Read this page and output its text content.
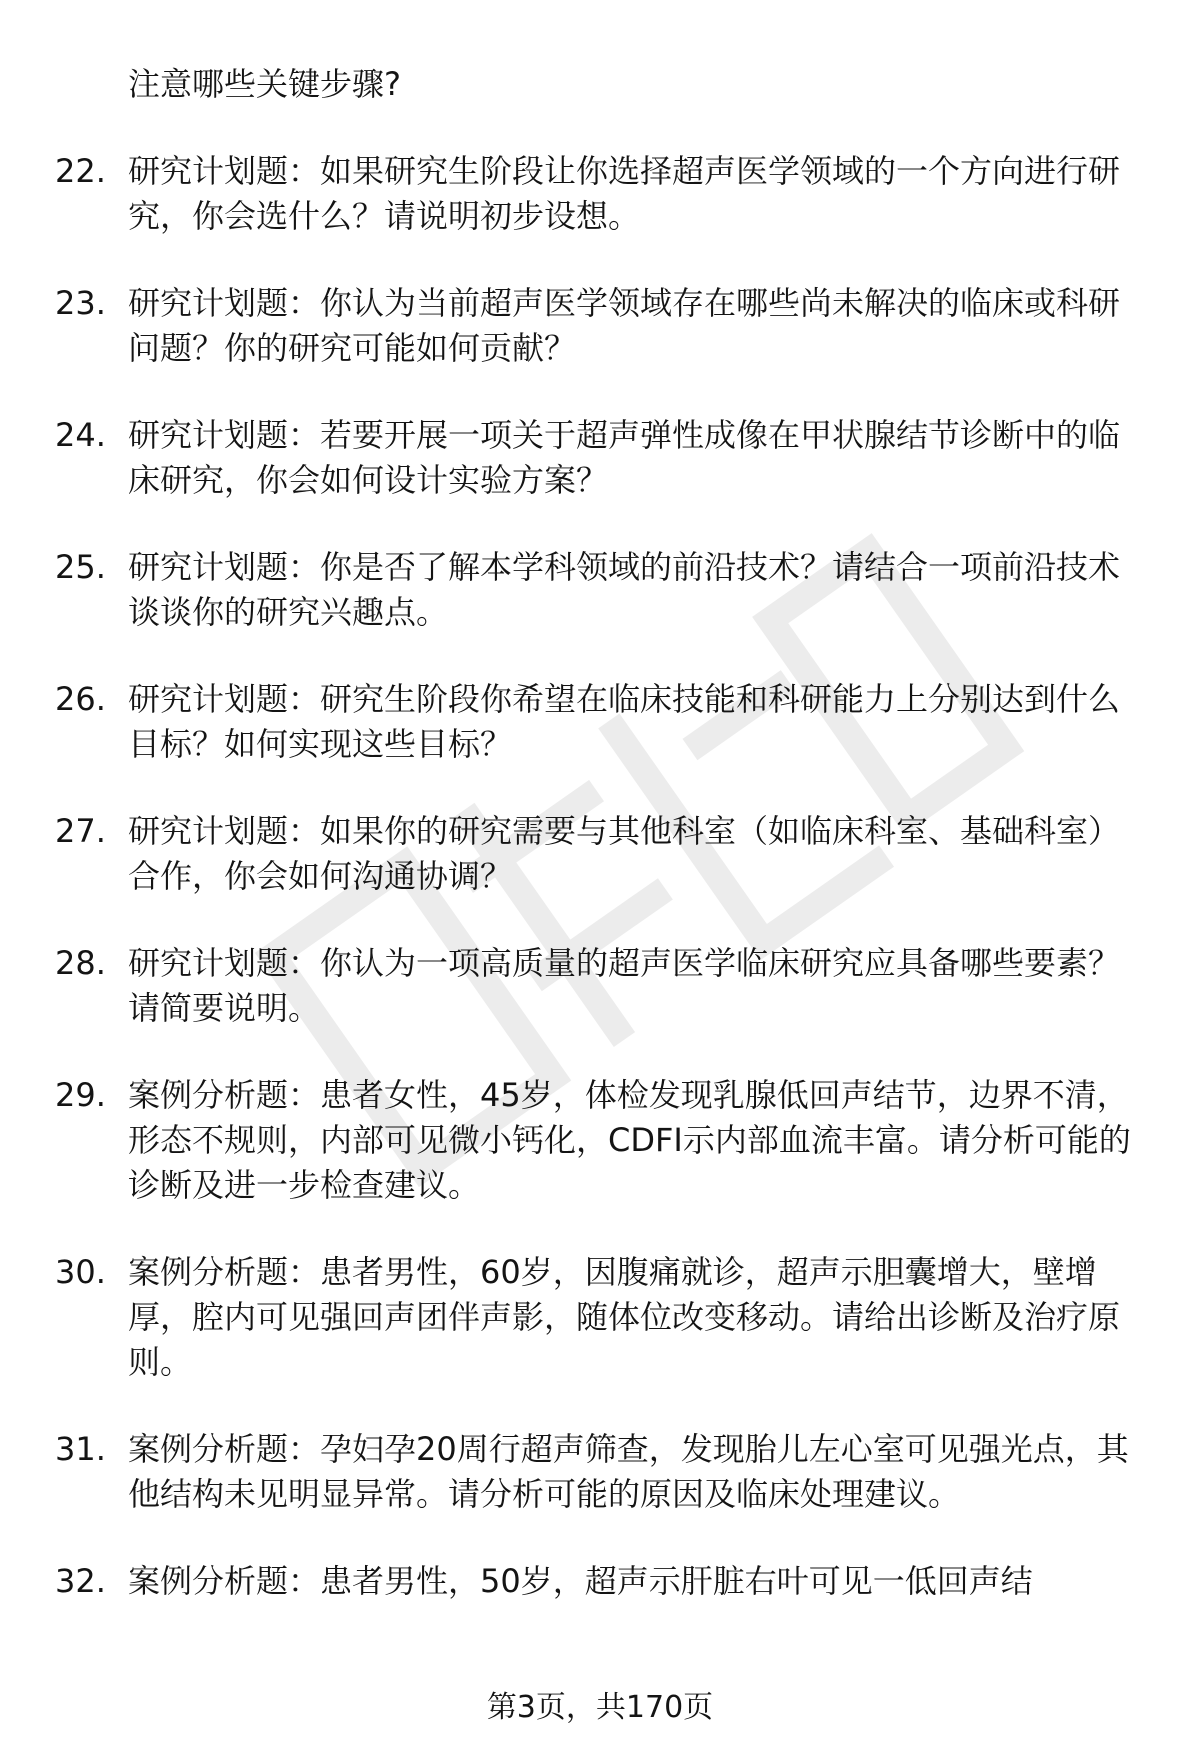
注意哪些关键步骤?
22. 研究计划题：如果研究生阶段让你选择超声医学领域的一个方向进行研究，你会选什么？请说明初步设想。
23. 研究计划题：你认为当前超声医学领域存在哪些尚未解决的临床或科研问题？你的研究可能如何贡献？
24. 研究计划题：若要开展一项关于超声弹性成像在甲状腺结节诊断中的临床研究，你会如何设计实验方案？
25. 研究计划题：你是否了解本学科领域的前沿技术？请结合一项前沿技术谈谈你的研究兴趣点。
26. 研究计划题：研究生阶段你希望在临床技能和科研能力上分别达到什么目标？如何实现这些目标？
27. 研究计划题：如果你的研究需要与其他科室（如临床科室、基础科室）合作，你会如何沟通协调？
28. 研究计划题：你认为一项高质量的超声医学临床研究应具备哪些要素？请简要说明。
29. 案例分析题：患者女性，45岁，体检发现乳腺低回声结节，边界不清，形态不规则，内部可见微小钙化，CDFI示内部血流丰富。请分析可能的诊断及进一步检查建议。
30. 案例分析题：患者男性，60岁，因腹痛就诊，超声示胆囊增大，壁增厚，腔内可见强回声团伴声影，随体位改变移动。请给出诊断及治疗原则。
31. 案例分析题：孕妇孕20周行超声筛查，发现胎儿左心室可见强光点，其他结构未见明显异常。请分析可能的原因及临床处理建议。
32. 案例分析题：患者男性，50岁，超声示肝脏右叶可见一低回声结
第3页，共170页
